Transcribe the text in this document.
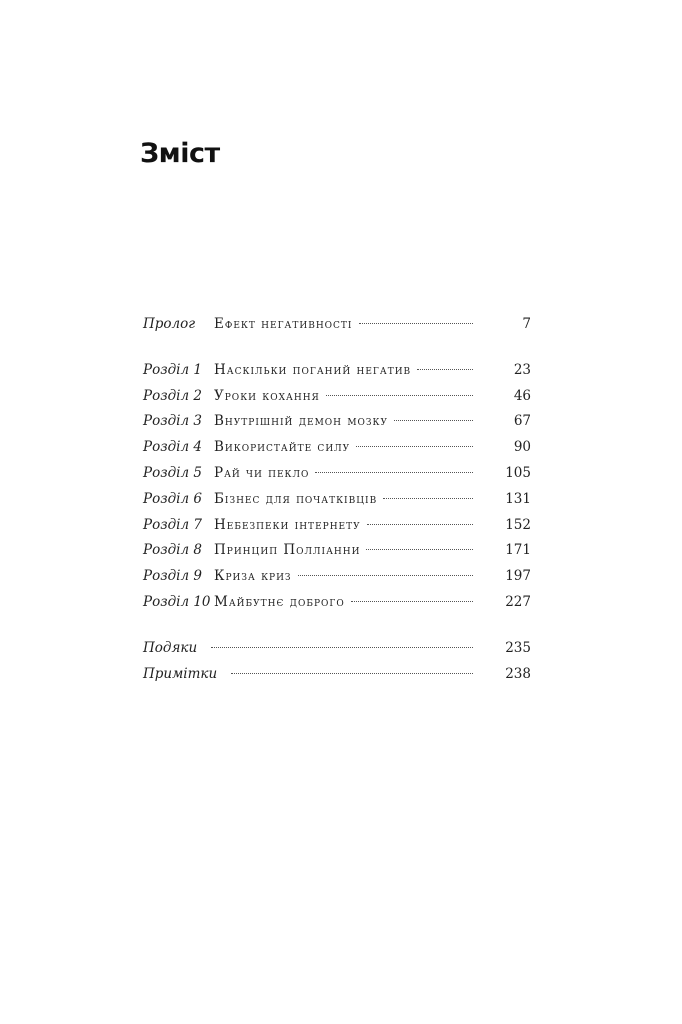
Зміст
Пролог	Ефект негативності	7
Розділ 1 Наскільки поганий негатив	23
Розділ 2 Уроки кохання	46
Розділ 3 Внутрішній демон мозку	67
Розділ 4 Використайте силу	90
Розділ 5 Рай чи пекло	105
Розділ 6 Бізнес для початківців	131
Розділ 7 Небезпеки інтернету	152
Розділ 8 Принцип Полліанни	171
Розділ 9 Криза криз	197
Розділ 10 Майбутнє доброго	227
Подяки	235
Примітки	238
